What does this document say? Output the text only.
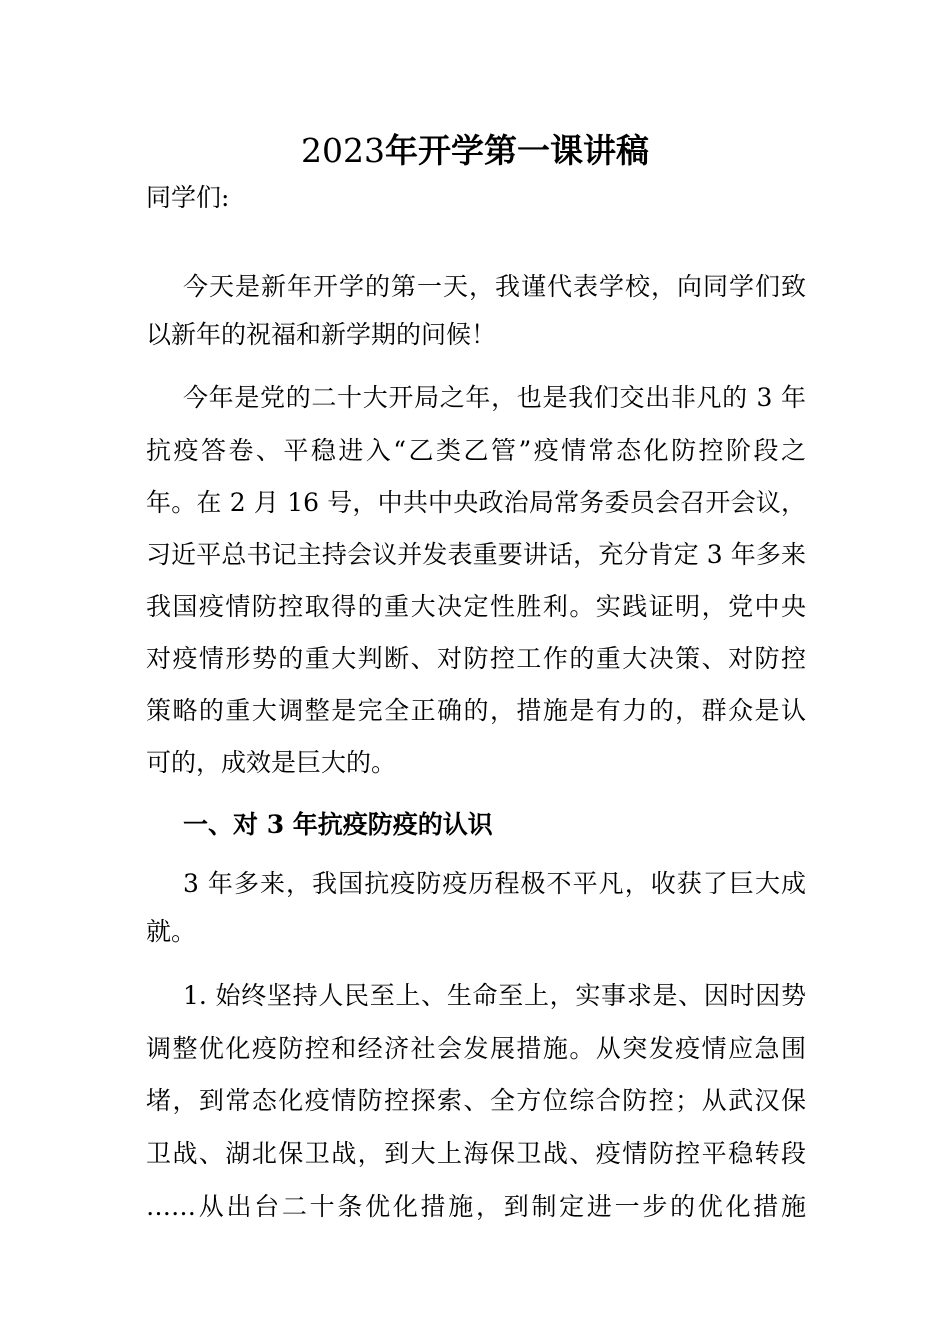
2023年开学第一课讲稿
同学们:
今天是新年开学的第一天，我谨代表学校，向同学们致
以新年的祝福和新学期的问候！
今年是党的二十大开局之年，也是我们交出非凡的 3 年
抗疫答卷、平稳进入“乙类乙管”疫情常态化防控阶段之
年。在 2 月 16 号，中共中央政治局常务委员会召开会议，
习近平总书记主持会议并发表重要讲话，充分肯定 3 年多来
我国疫情防控取得的重大决定性胜利。实践证明，党中央
对疫情形势的重大判断、对防控工作的重大决策、对防控
策略的重大调整是完全正确的，措施是有力的，群众是认
可的，成效是巨大的。
一、对 3 年抗疫防疫的认识
3 年多来，我国抗疫防疫历程极不平凡，收获了巨大成
就。
1. 始终坚持人民至上、生命至上，实事求是、因时因势
调整优化疫防控和经济社会发展措施。从突发疫情应急围
堵，到常态化疫情防控探索、全方位综合防控；从武汉保
卫战、湖北保卫战，到大上海保卫战、疫情防控平稳转段
……从出台二十条优化措施，到制定进一步的优化措施
